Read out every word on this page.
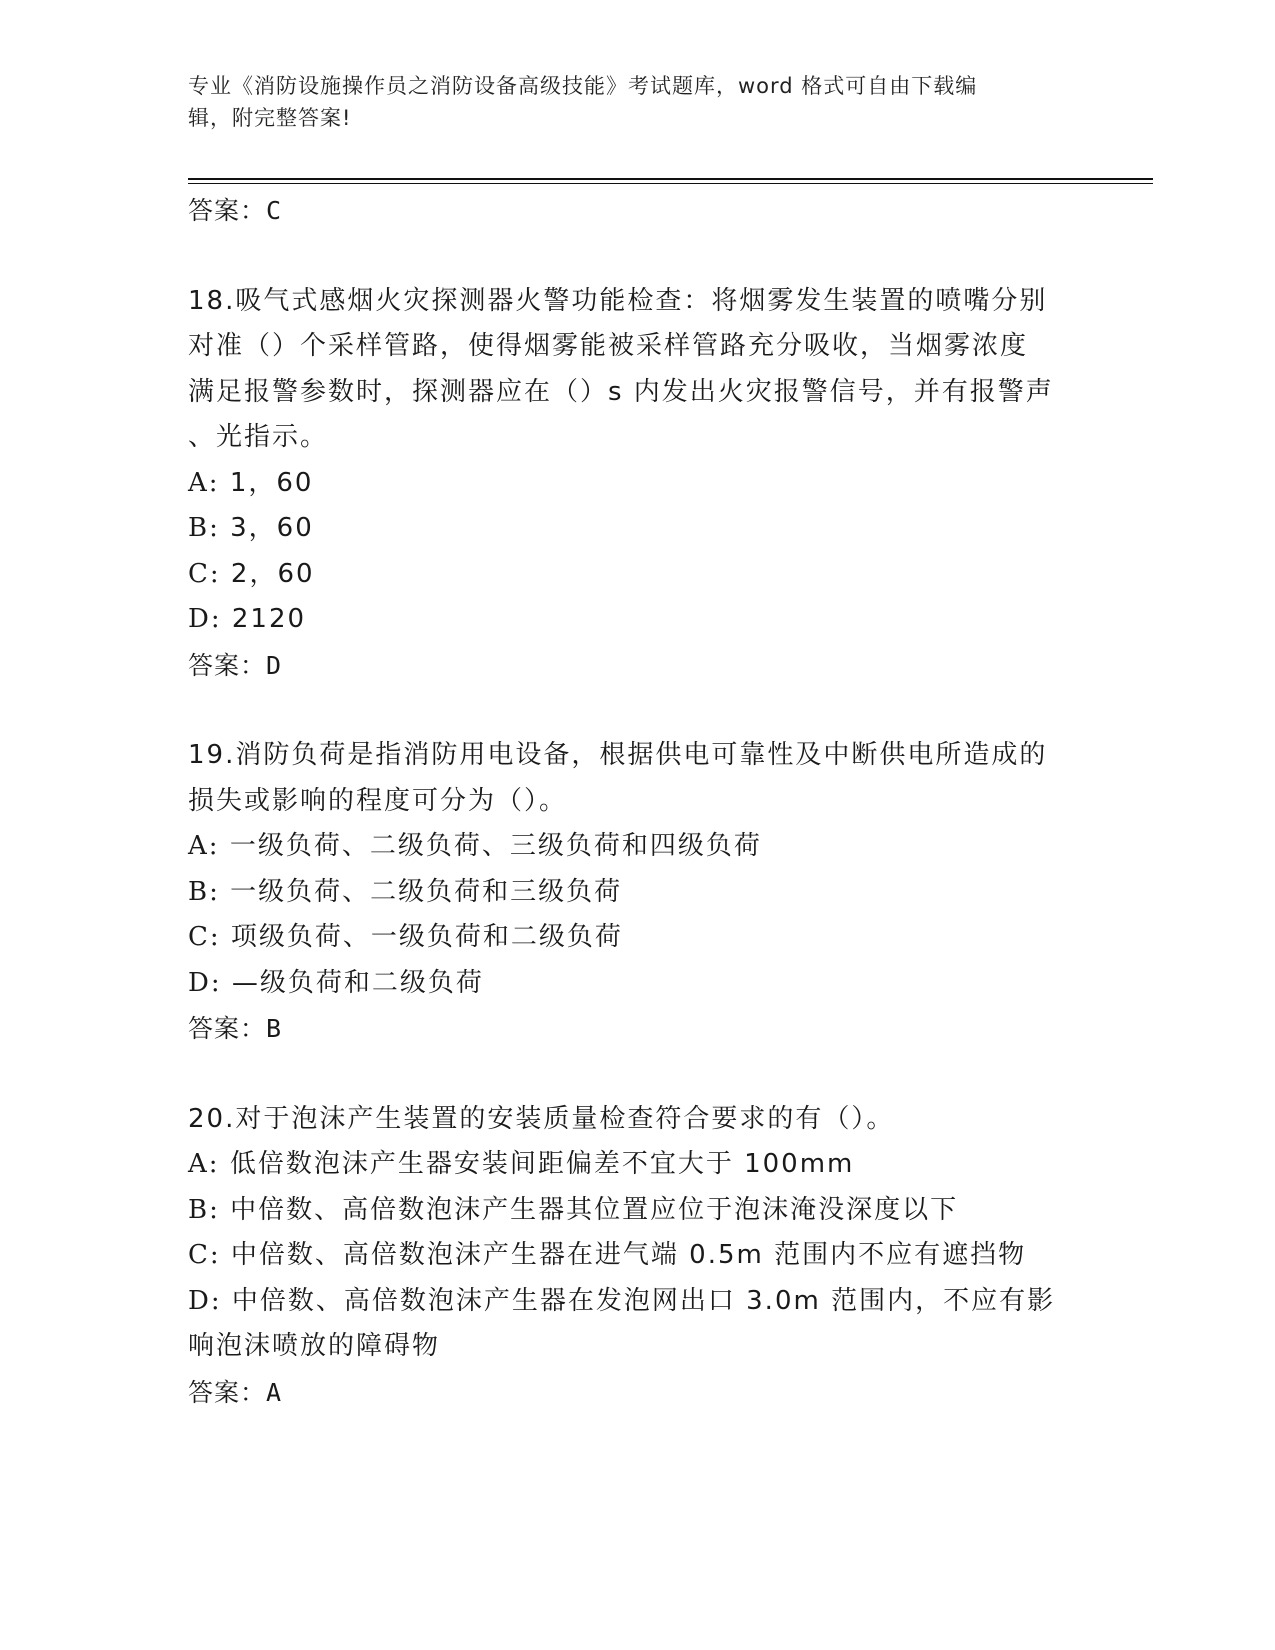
专业《消防设施操作员之消防设备高级技能》考试题库，word 格式可自由下载编
辑，附完整答案!
答案：C
18.吸气式感烟火灾探测器火警功能检查：将烟雾发生装置的喷嘴分别
对准（）个采样管路，使得烟雾能被采样管路充分吸收，当烟雾浓度
满足报警参数时，探测器应在（）s 内发出火灾报警信号，并有报警声
、光指示。
A: 1，60
B: 3，60
C: 2，60
D: 2120
答案：D
19.消防负荷是指消防用电设备，根据供电可靠性及中断供电所造成的
损失或影响的程度可分为（）。
A: 一级负荷、二级负荷、三级负荷和四级负荷
B: 一级负荷、二级负荷和三级负荷
C: 项级负荷、一级负荷和二级负荷
D: —级负荷和二级负荷
答案：B
20.对于泡沫产生装置的安装质量检查符合要求的有（）。
A: 低倍数泡沫产生器安装间距偏差不宜大于 100mm
B: 中倍数、高倍数泡沫产生器其位置应位于泡沫淹没深度以下
C: 中倍数、高倍数泡沫产生器在进气端 0.5m 范围内不应有遮挡物
D: 中倍数、高倍数泡沫产生器在发泡网出口 3.0m 范围内，不应有影
响泡沫喷放的障碍物
答案：A
